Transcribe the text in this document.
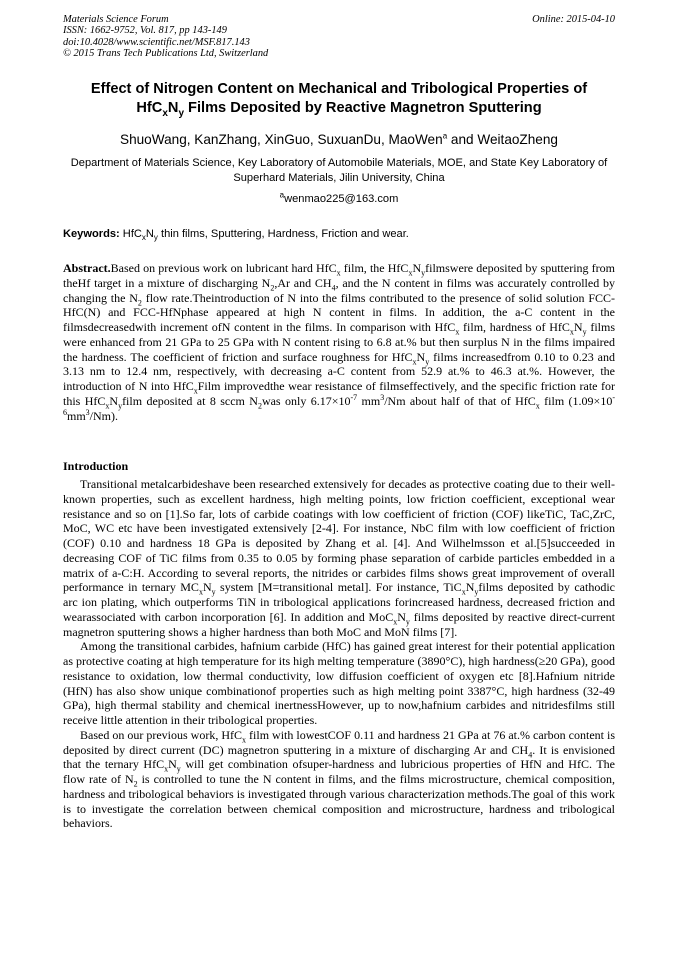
Materials Science Forum
ISSN: 1662-9752, Vol. 817, pp 143-149
doi:10.4028/www.scientific.net/MSF.817.143
© 2015 Trans Tech Publications Ltd, Switzerland
Online: 2015-04-10
Effect of Nitrogen Content on Mechanical and Tribological Properties of
$HfC_xN_y$ Films Deposited by Reactive Magnetron Sputtering
ShuoWang, KanZhang, XinGuo, SuxuanDu, MaoWen$^a$ and WeitaoZheng
Department of Materials Science, Key Laboratory of Automobile Materials, MOE, and State Key Laboratory of Superhard Materials, Jilin University, China
$^a$wenmao225@163.com
Keywords: $HfC_xN_y$ thin films, Sputtering, Hardness, Friction and wear.
Abstract.Based on previous work on lubricant hard HfC$_x$ film, the $HfC_xN_yfilmswere$ deposited by sputtering from theHf target in a mixture of discharging $N_2,Ar$ and $CH_4$, and the N content in films was accurately controlled by changing the $N_2$ flow rate.Theintroduction of N into the films contributed to the presence of solid solution FCC-HfC(N) and FCC-HfNphase appeared at high N content in films. In addition, the a-C content in the filmsdecreasedwith increment ofN content in the films. In comparison with HfC$_x$ film, hardness of $HfC_xN_y$ films were enhanced from 21 GPa to 25 GPa with N content rising to 6.8 at.% but then surplus N in the films impaired the hardness. The coefficient of friction and surface roughness for $HfC_xN_y$ films increasedfrom 0.10 to 0.23 and 3.13 nm to 12.4 nm, respectively, with decreasing a-C content from 52.9 at.% to 46.3 at.%. However, the introduction of N into HfC$_x$Film improvedthe wear resistance of filmseffectively, and the specific friction rate for this $HfC_xN_yfilm$ deposited at 8 sccm $N_2was$ only $6.17\times 10^{-7}$ $mm^3/Nm$ about half of that of HfC$_x$ film $(1.09\times 10^{-6}mm^3/Nm)$.
Introduction

Transitional metalcarbideshave been researched extensively for decades as protective coating due to their well-known properties, such as excellent hardness, high melting points, low friction coefficient, exceptional wear resistance and so on [1].So far, lots of carbide coatings with low coefficient of friction (COF) likeTiC, TaC,ZrC, MoC, WC etc have been investigated extensively [2-4]. For instance, NbC film with low coefficient of friction (COF) 0.10 and hardness 18 GPa is deposited by Zhang et al. [4]. And Wilhelmsson et al.[5]succeeded in decreasing COF of TiC films from 0.35 to 0.05 by forming phase separation of carbide particles embedded in a matrix of a-C:H. According to several reports, the nitrides or carbides films shows great improvement of overall performance in ternary $MC_xN_y$ system [M=transitional metal]. For instance, $TiC_xN_yfilms$ deposited by cathodic arc ion plating, which outperforms TiN in tribological applications forincreased hardness, decreased friction and wearassociated with carbon incorporation [6]. In addition and $MoC_xN_y$ films deposited by reactive direct-current magnetron sputtering shows a higher hardness than both MoC and MoN films [7].

Among the transitional carbides, hafnium carbide (HfC) has gained great interest for their potential application as protective coating at high temperature for its high melting temperature (3890°C), high hardness(≥20 GPa), good resistance to oxidation, low thermal conductivity, low diffusion coefficient of oxygen etc [8].Hafnium nitride (HfN) has also show unique combinationof properties such as high melting point 3387°C, high hardness (32-49 GPa), high thermal stability and chemical inertnessHowever, up to now,hafnium carbides and nitridesfilms still receive little attention in their tribological properties.

Based on our previous work, HfC$_x$ film with lowestCOF 0.11 and hardness 21 GPa at 76 at.% carbon content is deposited by direct current (DC) magnetron sputtering in a mixture of discharging Ar and $CH_4$. It is envisioned that the ternary $HfC_xN_y$ will get combination ofsuper-hardness and lubricious properties of HfN and HfC. The flow rate of $N_2$ is controlled to tune the N content in films, and the films microstructure, chemical composition, hardness and tribological behaviors is investigated through various characterization methods.The goal of this work is to investigate the correlation between chemical composition and microstructure, hardness and tribological behaviors.
